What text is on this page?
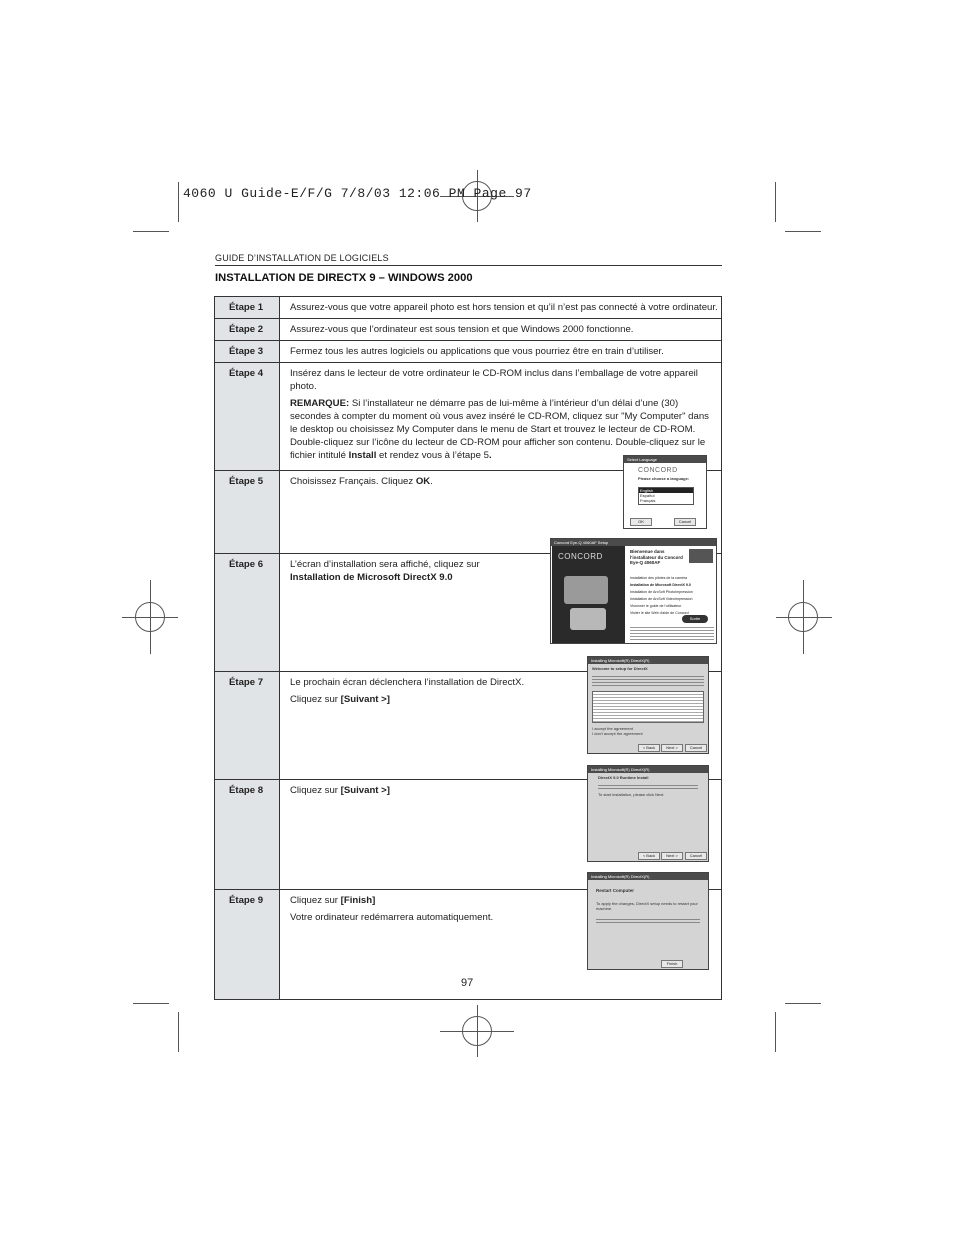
4060 U Guide-E/F/G 7/8/03 12:06 PM Page 97
GUIDE D’INSTALLATION DE LOGICIELS
INSTALLATION DE DIRECTX 9 – WINDOWS 2000
Étape 1	Assurez-vous que votre appareil photo est hors tension et qu’il n’est pas connecté à votre ordinateur.
Étape 2	Assurez-vous que l’ordinateur est sous tension et que Windows 2000 fonctionne.
Étape 3	Fermez tous les autres logiciels ou applications que vous pourriez être en train d’utiliser.
Étape 4	Insérez dans le lecteur de votre ordinateur le CD-ROM inclus dans l’emballage de votre appareil photo.

REMARQUE: Si l’installateur ne démarre pas de lui-même à l’intérieur d’un délai d’une (30) secondes à compter du moment où vous avez inséré le CD-ROM, cliquez sur "My Computer" dans le desktop ou choisissez My Computer dans le menu de Start et trouvez le lecteur de CD-ROM. Double-cliquez sur l’icône du lecteur de CD-ROM pour afficher son contenu. Double-cliquez sur le fichier intitulé Install et rendez vous à l’étape 5.

Étape 5	Choisissez Français. Cliquez OK.
Étape 6	L’écran d’installation sera affiché, cliquez sur
Installation de Microsoft DirectX 9.0

Étape 7	Le prochain écran déclenchera l’installation de DirectX.

Cliquez sur [Suivant >]

Étape 8	Cliquez sur [Suivant >]
Étape 9	Cliquez sur [Finish]

Votre ordinateur redémarrera automatiquement.

Select Language
CONCORD
Please choose a language:
English
Español
Français
OK	Cancel
Concord Eye-Q 4060AF Setup
CONCORD
Bienvenue dans l'installateur du Concord Eye-Q 4060AF
Installation des pilotes de la caméra
Installation de Microsoft DirectX 9.0
Installation de ArcSoft PhotoImpression
Installation de ArcSoft VideoImpression
Visionner le guide de l'utilisateur
Visiter le site Web d'aide de Concord
Sortie
Installing Microsoft(R) DirectX(R)
Welcome to setup for DirectX
I accept the agreement
I don't accept the agreement
< Back	Next >	Cancel
Installing Microsoft(R) DirectX(R)
DirectX 9.0 Runtime Install
To start installation, please click Next.
< Back	Next >	Cancel
Installing Microsoft(R) DirectX(R)
Restart Computer
To apply the changes, DirectX setup needs to restart your machine.
Finish
97
